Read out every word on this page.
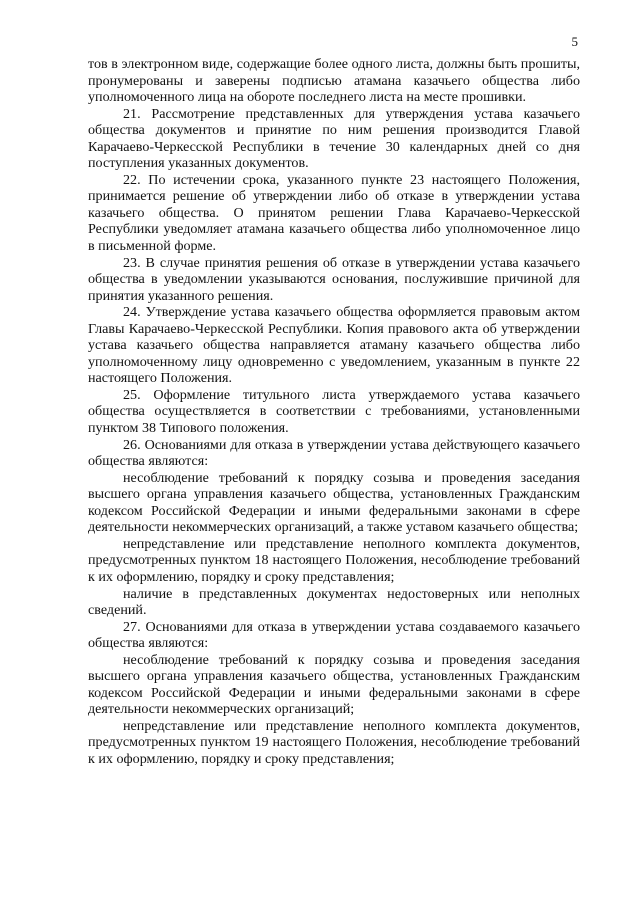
5

тов в электронном виде, содержащие более одного листа, должны быть прошиты, пронумерованы и заверены подписью атамана казачьего общества либо уполномоченного лица на обороте последнего листа на месте прошивки.

21. Рассмотрение представленных для утверждения устава казачьего общества документов и принятие по ним решения производится Главой Карачаево-Черкесской Республики в течение 30 календарных дней со дня поступления указанных документов.

22. По истечении срока, указанного пункте 23 настоящего Положения, принимается решение об утверждении либо об отказе в утверждении устава казачьего общества. О принятом решении Глава Карачаево-Черкесской Республики уведомляет атамана казачьего общества либо уполномоченное лицо в письменной форме.

23. В случае принятия решения об отказе в утверждении устава казачьего общества в уведомлении указываются основания, послужившие причиной для принятия указанного решения.

24. Утверждение устава казачьего общества оформляется правовым актом Главы Карачаево-Черкесской Республики. Копия правового акта об утверждении устава казачьего общества направляется атаману казачьего общества либо уполномоченному лицу одновременно с уведомлением, указанным в пункте 22 настоящего Положения.

25. Оформление титульного листа утверждаемого устава казачьего общества осуществляется в соответствии с требованиями, установленными пунктом 38 Типового положения.

26. Основаниями для отказа в утверждении устава действующего казачьего общества являются:

несоблюдение требований к порядку созыва и проведения заседания высшего органа управления казачьего общества, установленных Гражданским кодексом Российской Федерации и иными федеральными законами в сфере деятельности некоммерческих организаций, а также уставом казачьего общества;

непредставление или представление неполного комплекта документов, предусмотренных пунктом 18 настоящего Положения, несоблюдение требований к их оформлению, порядку и сроку представления;

наличие в представленных документах недостоверных или неполных сведений.

27. Основаниями для отказа в утверждении устава создаваемого казачьего общества являются:

несоблюдение требований к порядку созыва и проведения заседания высшего органа управления казачьего общества, установленных Гражданским кодексом Российской Федерации и иными федеральными законами в сфере деятельности некоммерческих организаций;

непредставление или представление неполного комплекта документов, предусмотренных пунктом 19 настоящего Положения, несоблюдение требований к их оформлению, порядку и сроку представления;
